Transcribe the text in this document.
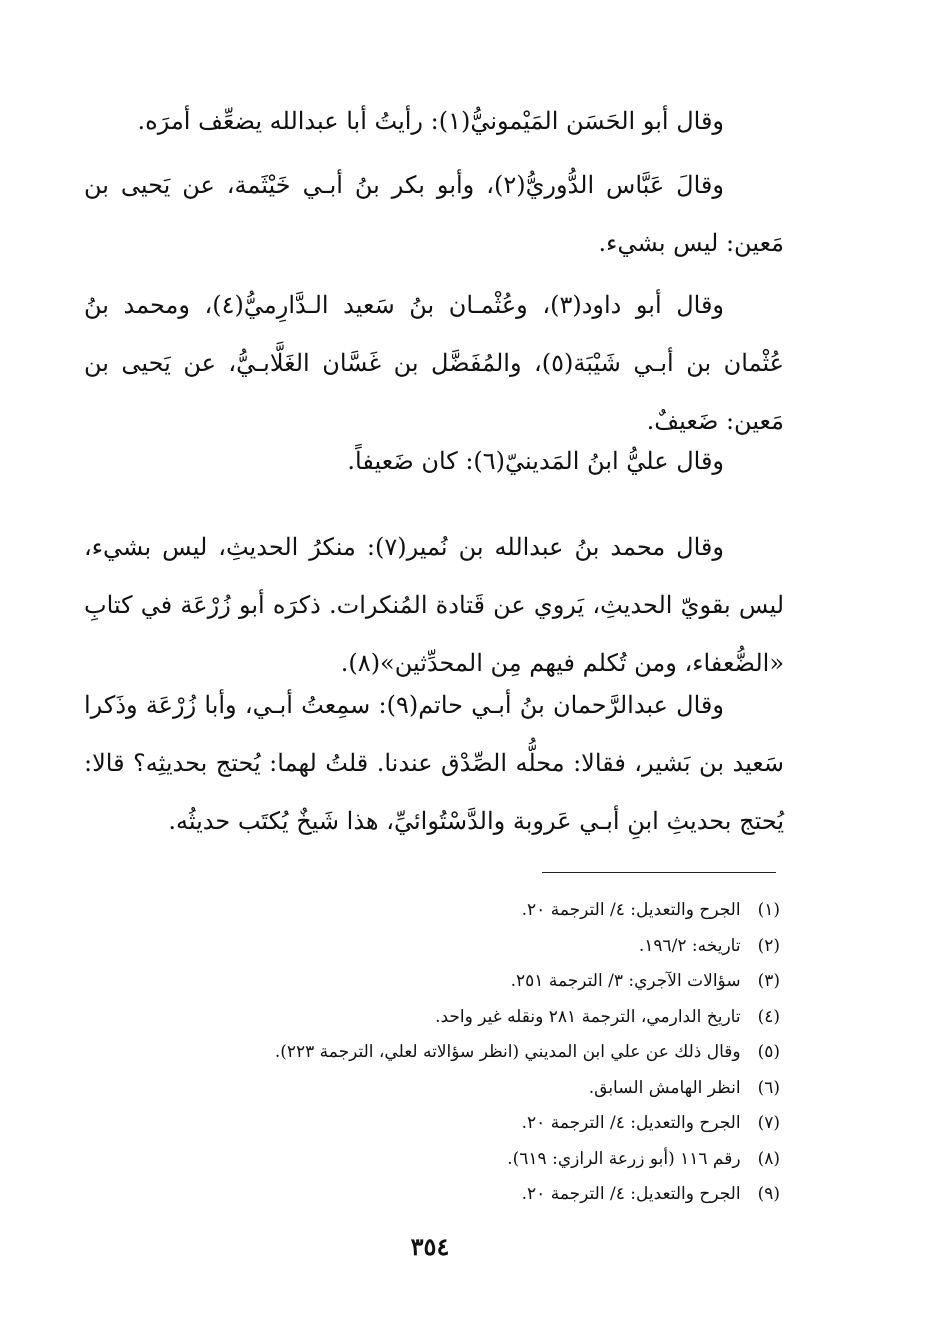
وقال أبو الحَسَن المَيْمونيُّ(١): رأيتُ أبا عبدالله يضعِّف أمرَه.

وقالَ عَبَّاس الدُّوريُّ(٢)، وأبو بكر بنُ أبـي خَيْثَمة، عن يَحيى بن مَعين: ليس بشيء.

وقال أبو داود(٣)، وعُثْمـان بنُ سَعيد الـدَّارِميُّ(٤)، ومحمد بنُ عُثْمان بن أبـي شَيْبَة(٥)، والمُفَضَّل بن غَسَّان الغَلَّابـيُّ، عن يَحيى بن مَعين: ضَعيفٌ.

وقال عليُّ ابنُ المَدينيّ(٦): كان ضَعيفاً.

وقال محمد بنُ عبدالله بن نُمير(٧): منكرُ الحديثِ، ليس بشيء، ليس بقويّ الحديثِ، يَروي عن قَتادة المُنكرات. ذكرَه أبو زُرْعَة في كتابِ «الضُّعفاء، ومن تُكلم فيهم مِن المحدِّثين»(٨).

وقال عبدالرَّحمان بنُ أبـي حاتم(٩): سمِعتُ أبـي، وأبا زُرْعَة وذَكرا سَعيد بن بَشير، فقالا: محلُّه الصِّدْق عندنا. قلتُ لهما: يُحتج بحديثِه؟ قالا: يُحتج بحديثِ ابنِ أبـي عَروبة والدَّسْتُوائيِّ، هذا شَيخٌ يُكتَب حديثُه.

(١) الجرح والتعديل: ٤/ الترجمة ٢٠.
(٢) تاريخه: ١٩٦/٢.
(٣) سؤالات الآجري: ٣/ الترجمة ٢٥١.
(٤) تاريخ الدارمي، الترجمة ٢٨١ ونقله غير واحد.
(٥) وقال ذلك عن علي ابن المديني (انظر سؤالاته لعلي، الترجمة ٢٢٣).
(٦) انظر الهامش السابق.
(٧) الجرح والتعديل: ٤/ الترجمة ٢٠.
(٨) رقم ١١٦ (أبو زرعة الرازي: ٦١٩).
(٩) الجرح والتعديل: ٤/ الترجمة ٢٠.
٣٥٤
